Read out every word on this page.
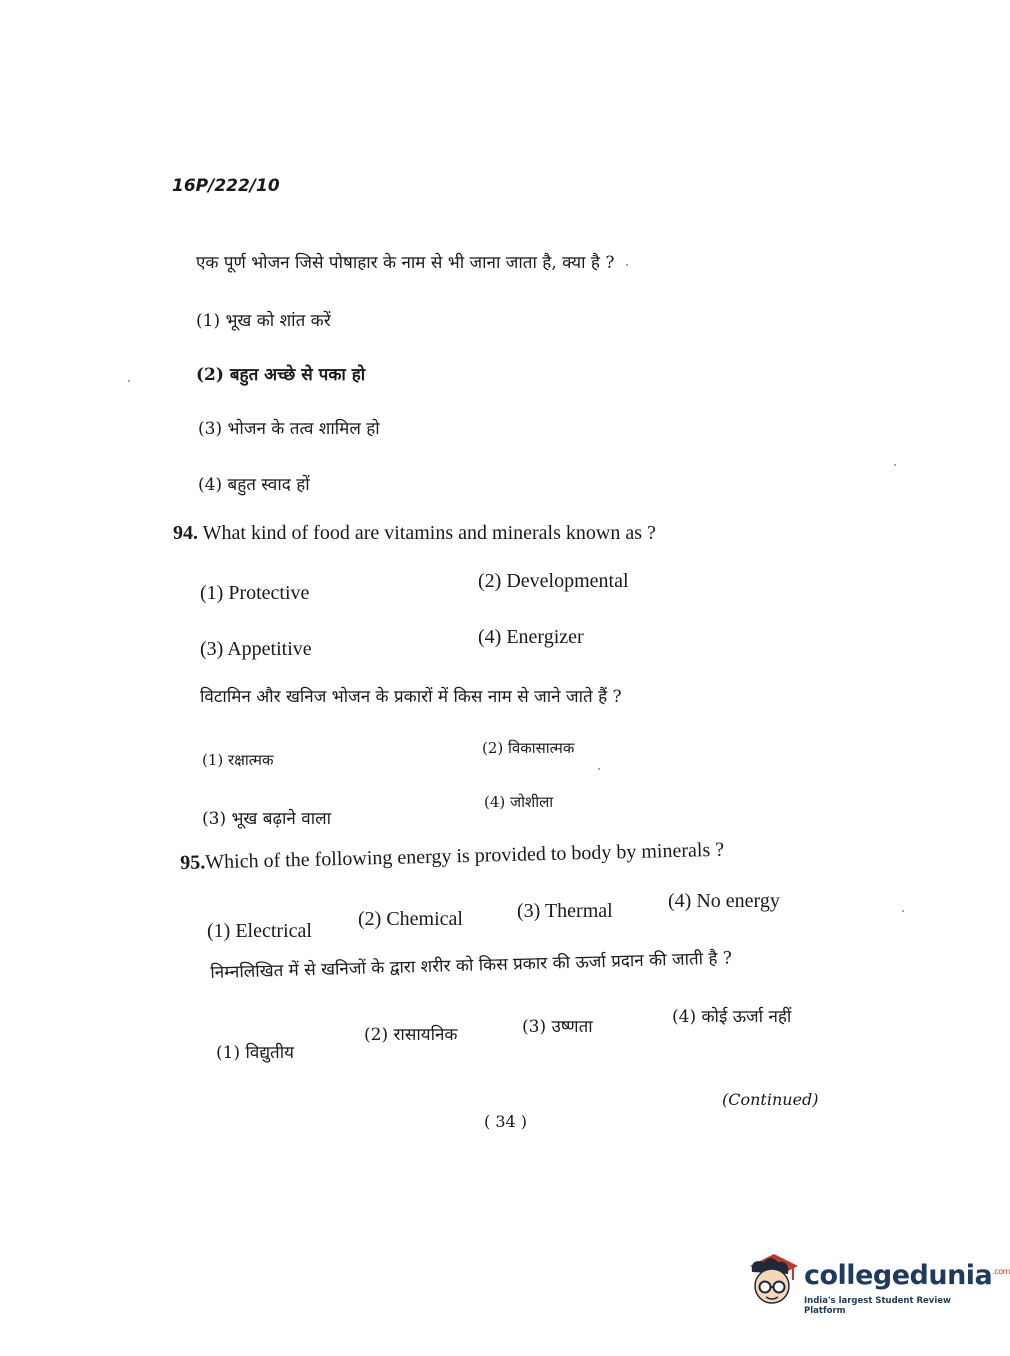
16P/222/10
एक पूर्ण भोजन जिसे पोषाहार के नाम से भी जाना जाता है, क्या है ?
(1) भूख को शांत करें
(2) बहुत अच्छे से पका हो
(3) भोजन के तत्व शामिल हो
(4) बहुत स्वाद हों
94. What kind of food are vitamins and minerals known as ?
(1) Protective
(2) Developmental
(3) Appetitive
(4) Energizer
विटामिन और खनिज भोजन के प्रकारों में किस नाम से जाने जाते हैं ?
(1) रक्षात्मक
(2) विकासात्मक
(3) भूख बढ़ाने वाला
(4) जोशीला
95.Which of the following energy is provided to body by minerals ?
(1) Electrical
(2) Chemical	(3) Thermal	(4) No energy
निम्नलिखित में से खनिजों के द्वारा शरीर को किस प्रकार की ऊर्जा प्रदान की जाती है ?
(1) विद्युतीय
(2) रासायनिक	(3) उष्णता	(4) कोई ऊर्जा नहीं
(Continued)
( 34 )
collegedunia$^{.com}$
India's largest Student Review Platform
